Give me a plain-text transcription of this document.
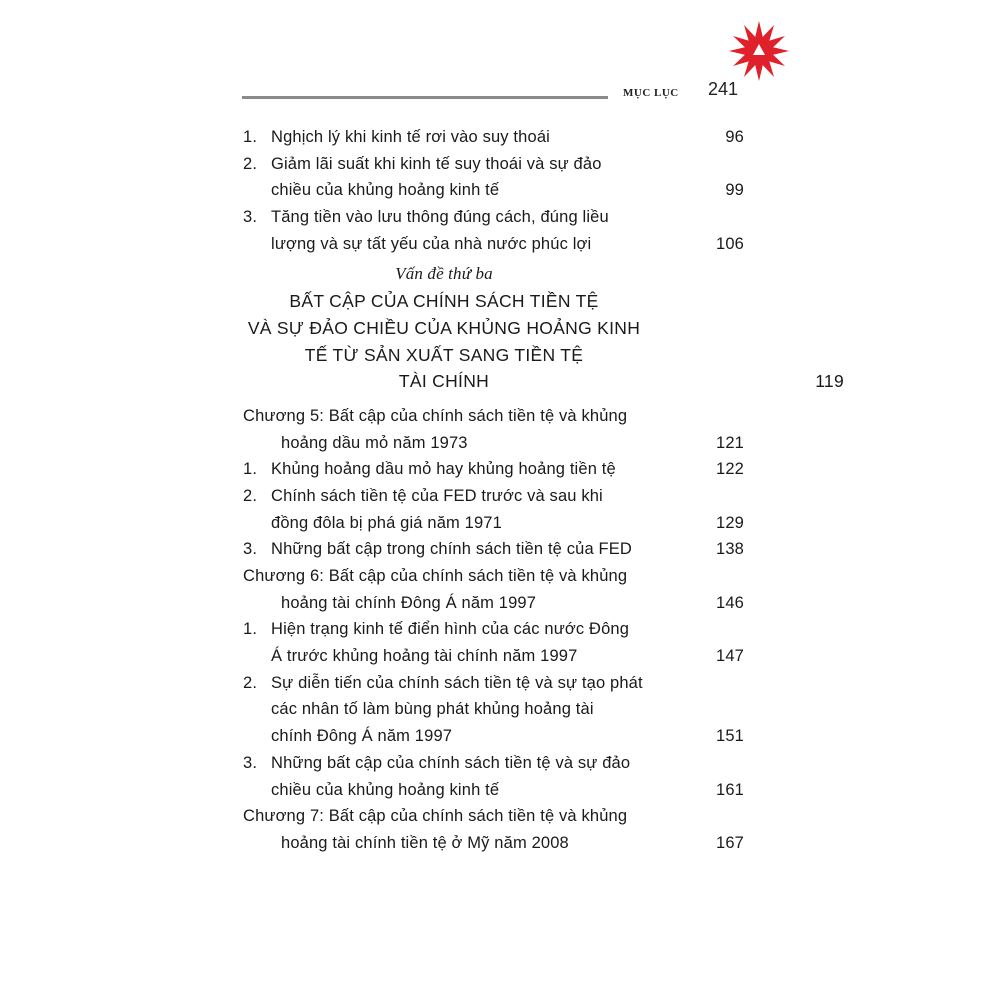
MỤC LỤC 241
1. Nghịch lý khi kinh tế rơi vào suy thoái	96
2. Giảm lãi suất khi kinh tế suy thoái và sự đảo
chiều của khủng hoảng kinh tế	99
3. Tăng tiền vào lưu thông đúng cách, đúng liều
lượng và sự tất yếu của nhà nước phúc lợi	106
Vấn đề thứ ba
BẤT CẬP CỦA CHÍNH SÁCH TIỀN TỆ
VÀ SỰ ĐẢO CHIỀU CỦA KHỦNG HOẢNG KINH
TẾ TỪ SẢN XUẤT SANG TIỀN TỆ
TÀI CHÍNH	119
Chương 5: Bất cập của chính sách tiền tệ và khủng
hoảng dầu mỏ năm 1973	121
1. Khủng hoảng dầu mỏ hay khủng hoảng tiền tệ	122
2. Chính sách tiền tệ của FED trước và sau khi
đồng đôla bị phá giá năm 1971	129
3. Những bất cập trong chính sách tiền tệ của FED	138
Chương 6: Bất cập của chính sách tiền tệ và khủng
hoảng tài chính Đông Á năm 1997	146
1. Hiện trạng kinh tế điển hình của các nước Đông
Á trước khủng hoảng tài chính năm 1997	147
2. Sự diễn tiến của chính sách tiền tệ và sự tạo phát
các nhân tố làm bùng phát khủng hoảng tài
chính Đông Á năm 1997	151
3. Những bất cập của chính sách tiền tệ và sự đảo
chiều của khủng hoảng kinh tế	161
Chương 7: Bất cập của chính sách tiền tệ và khủng
hoảng tài chính tiền tệ ở Mỹ năm 2008	167
